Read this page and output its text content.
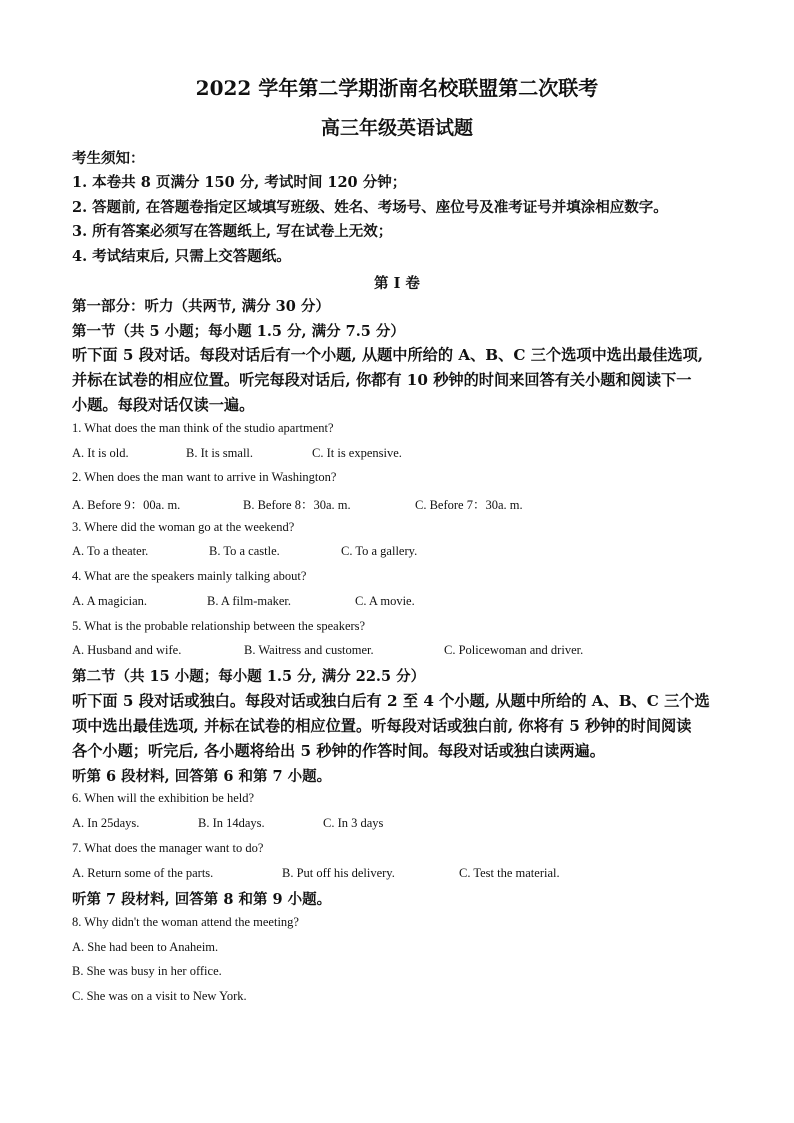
2022 学年第二学期浙南名校联盟第二次联考
高三年级英语试题
考生须知：
1. 本卷共 8 页满分 150 分, 考试时间 120 分钟；
2. 答题前, 在答题卷指定区域填写班级、姓名、考场号、座位号及准考证号并填涂相应数字。
3. 所有答案必须写在答题纸上, 写在试卷上无效；
4. 考试结束后, 只需上交答题纸。
第 I 卷
第一部分：听力（共两节, 满分 30 分）
第一节（共 5 小题；每小题 1.5 分, 满分 7.5 分）
听下面 5 段对话。每段对话后有一个小题, 从题中所给的 A、B、C 三个选项中选出最佳选项,
并标在试卷的相应位置。听完每段对话后, 你都有 10 秒钟的时间来回答有关小题和阅读下一
小题。每段对话仅读一遍。
1. What does the man think of the studio apartment?
A. It is old.	B. It is small.	C. It is expensive.
2. When does the man want to arrive in Washington?
A. Before 9：00a. m.	B. Before 8：30a. m.	C. Before 7：30a. m.
3. Where did the woman go at the weekend?
A. To a theater.	B. To a castle.	C. To a gallery.
4. What are the speakers mainly talking about?
A. A magician.	B. A film-maker.	C. A movie.
5. What is the probable relationship between the speakers?
A. Husband and wife.	B. Waitress and customer.	C. Policewoman and driver.
第二节（共 15 小题；每小题 1.5 分, 满分 22.5 分）
听下面 5 段对话或独白。每段对话或独白后有 2 至 4 个小题, 从题中所给的 A、B、C 三个选
项中选出最佳选项, 并标在试卷的相应位置。听每段对话或独白前, 你将有 5 秒钟的时间阅读
各个小题；听完后, 各小题将给出 5 秒钟的作答时间。每段对话或独白读两遍。
听第 6 段材料, 回答第 6 和第 7 小题。
6. When will the exhibition be held?
A. In 25days.	B. In 14days.	C. In 3 days
7. What does the manager want to do?
A. Return some of the parts.	B. Put off his delivery.	C. Test the material.
听第 7 段材料, 回答第 8 和第 9 小题。
8. Why didn't the woman attend the meeting?
A. She had been to Anaheim.
B. She was busy in her office.
C. She was on a visit to New York.
